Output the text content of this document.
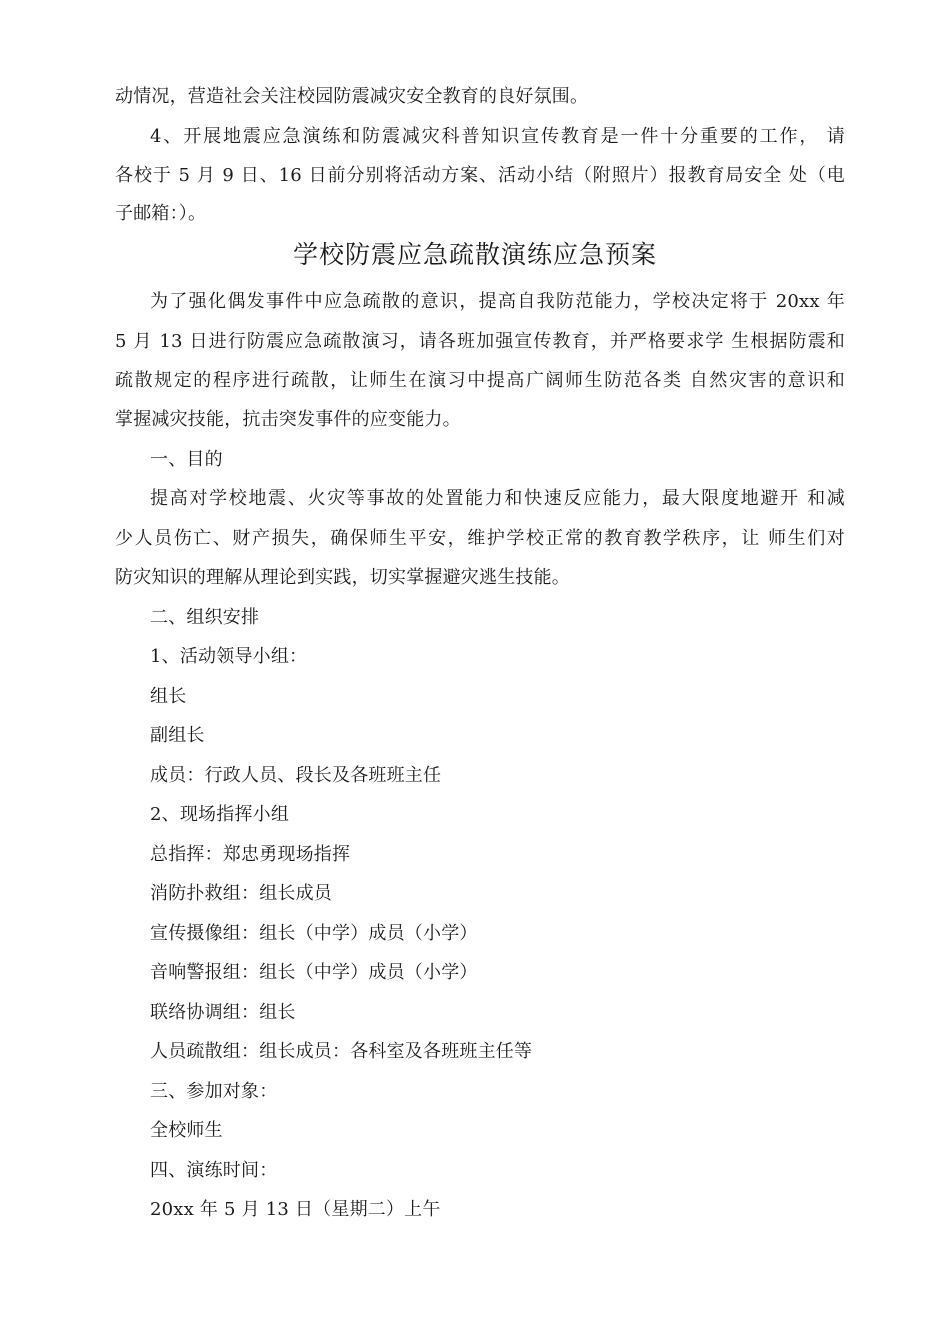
动情况，营造社会关注校园防震减灾安全教育的良好氛围。
4、开展地震应急演练和防震减灾科普知识宣传教育是一件十分重要的工作， 请
各校于 5 月 9 日、16 日前分别将活动方案、活动小结（附照片）报教育局安全 处（电
子邮箱：）。
学校防震应急疏散演练应急预案
为了强化偶发事件中应急疏散的意识，提高自我防范能力，学校决定将于 20xx 年
5 月 13 日进行防震应急疏散演习，请各班加强宣传教育，并严格要求学 生根据防震和
疏散规定的程序进行疏散，让师生在演习中提高广阔师生防范各类 自然灾害的意识和
掌握减灾技能，抗击突发事件的应变能力。
一、目的
提高对学校地震、火灾等事故的处置能力和快速反应能力，最大限度地避开 和减
少人员伤亡、财产损失，确保师生平安，维护学校正常的教育教学秩序，让 师生们对
防灾知识的理解从理论到实践，切实掌握避灾逃生技能。
二、组织安排
1、活动领导小组：
组长
副组长
成员：行政人员、段长及各班班主任
2、现场指挥小组
总指挥：郑忠勇现场指挥
消防扑救组：组长成员
宣传摄像组：组长（中学）成员（小学）
音响警报组：组长（中学）成员（小学）
联络协调组：组长
人员疏散组：组长成员：各科室及各班班主任等
三、参加对象：
全校师生
四、演练时间：
20xx 年 5 月 13 日（星期二）上午
